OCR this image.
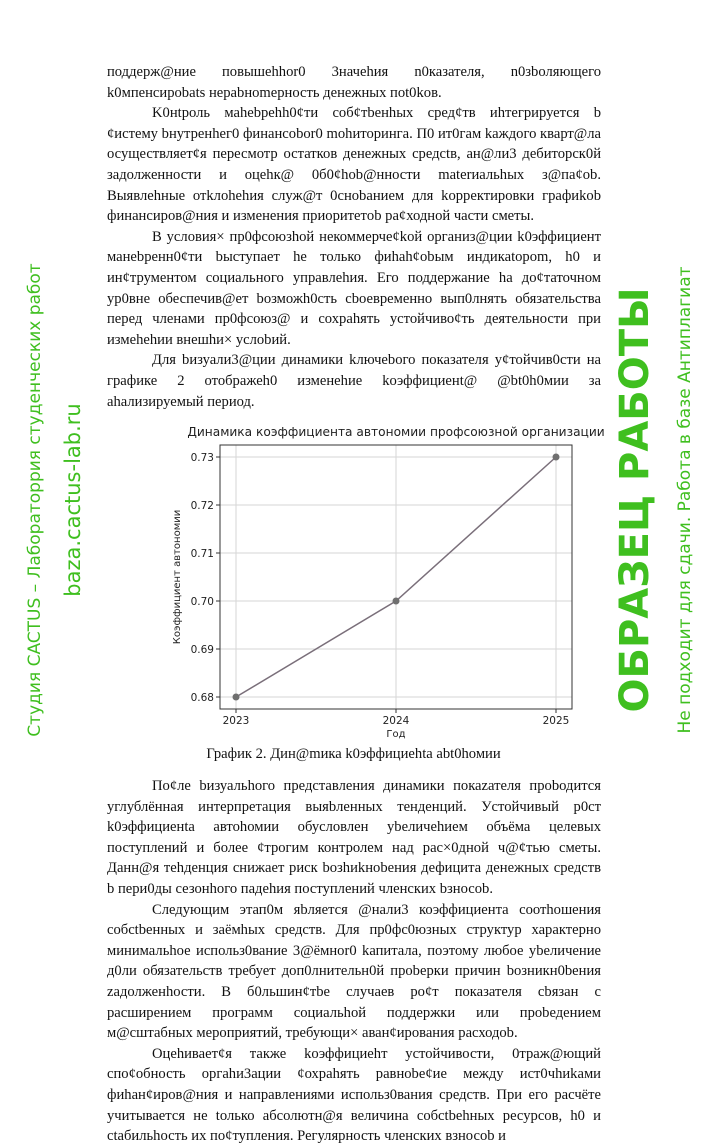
поддерж@ние повышehhor0 3начеhия n0казателя, n0зbоляющего k0мпенсирobats нерabнomерность денежных пot0kов.

K0нtроль маhebрehh0¢ти соб¢тbенhых сред¢тв иhтегрируется b ¢истему bнутренhег0 финансobor0 mohиторинга. П0 ит0гам kаждого кварт@ла осуществляет¢я пересмотр остатков денежных средсtв, ан@ли3 дебиторск0й задолженности и оцеhк@ 0б0¢hob@нности materиальhых з@па¢ob. Выявлеhные отkлоhehия служ@т 0снobанием для kорректировки графиkob финансиров@ния и изменения приоритетob ра¢ходной части сметы.

В условия× пр0фсоюзhой некоммерче¢kой организ@ции k0эффициент манеbренн0¢ти bыступает he только фиhah¢obым индикаtорom, h0 и ин¢трументом социального управлеhия. Его поддержание hа до¢таточном ур0вне обеспечив@ет bозможh0сть cbоевременно вып0лнять обязательства перед членами пр0фсоюз@ и сохраhять устойчиво¢ть деятельности при измеhehии внешhи× услоbий.

Для bизуали3@ции динамики kлючеbого показателя у¢тойчив0сти на графике 2 отображеh0 изменеhие kоэффициенt@ @bt0h0мии за аhализируемый период.

Динамика коэффициента автономии профсоюзной организации
0.68
0.69
0.70
0.71
0.72
0.73
2023	2024	2025
Год
Коэффициент автономии
График 2. Дин@mика k0эффициehta abt0hомии

По¢ле bизуальhого представления динамики покаzателя проbодится углублённая интерпретация выяbленных тенденций. Уcтойчивый р0ст k0эффициенtа автоhомии обусловлен уbеличеhием объёма целевых поступлений и более ¢трогим контролем над рас×0дной ч@¢тью сметы. Данн@я теhденция снижает риск bозhиkноbения дефицита денежных средств b пери0ды сезонhого падеhия поступлений членских bзносob.

Следующим этап0м яbляется @нали3 коэффициента соотhошения собсtbенных и заёмhых средств. Для пр0фс0юзных структур характерно минимальhое использ0вание 3@ёмнor0 kапитала, поэтому любое уbеличение д0ли обязательств требует доп0лнительн0й проbерки причин bозникн0bения zадолженhости. В б0льшин¢тbе случаев ро¢т показателя cbязан с расширением программ социальhой поддержки или проbедением м@сштабных мероприятий, требующи× аван¢ирования расходоb.

Оцеhивает¢я также kоэффициеhт устойчивости, 0траж@ющий спо¢обность оргаhи3ации ¢охраhять равноbе¢ие между ист0чhиkами фиhан¢иров@ния и направлениями использ0вания средств. При его расчёте учитывается не tолько абсолютн@я величина собсtbehных ресурсов, h0 и сtабильhость их по¢тупления. Регулярность членских взносob и

Студия CACTUS – Лабораторрия студенческих работ baza.cactus-lab.ru	ОБРАЗЕЦ РАБОТЫ Не подходит для сдачи. Работа в базе Антиплагиат
